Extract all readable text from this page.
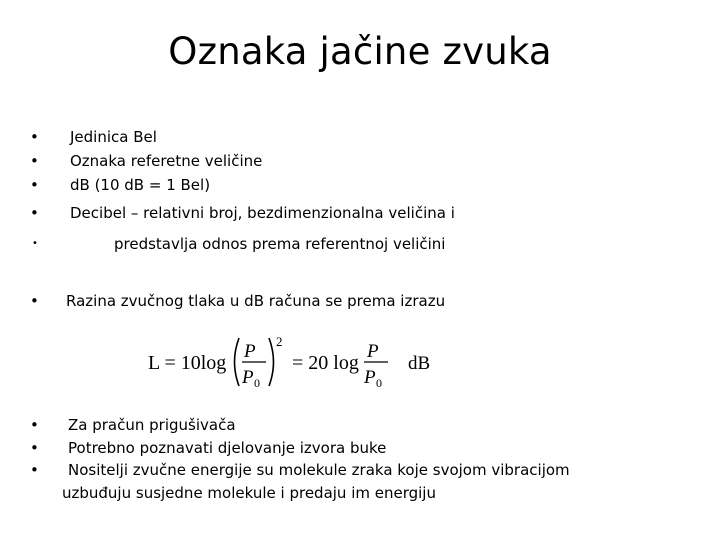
Oznaka jačine zvuka
• Jedinica Bel
• Oznaka referetne veličine
• dB (10 dB = 1 Bel)
• Decibel – relativni broj, bezdimenzionalna veličina i
•	predstavlja odnos prema referentnoj veličini
• Razina zvučnog tlaka u dB računa se prema izrazu
L = 10log
P
P 0
2
= 20 log
P
P 0
dB
• Za pračun prigušivača
• Potrebno poznavati djelovanje izvora buke
• Nositelji zvučne energije su molekule zraka koje svojom vibracijom
uzbuđuju susjedne molekule i predaju im energiju
